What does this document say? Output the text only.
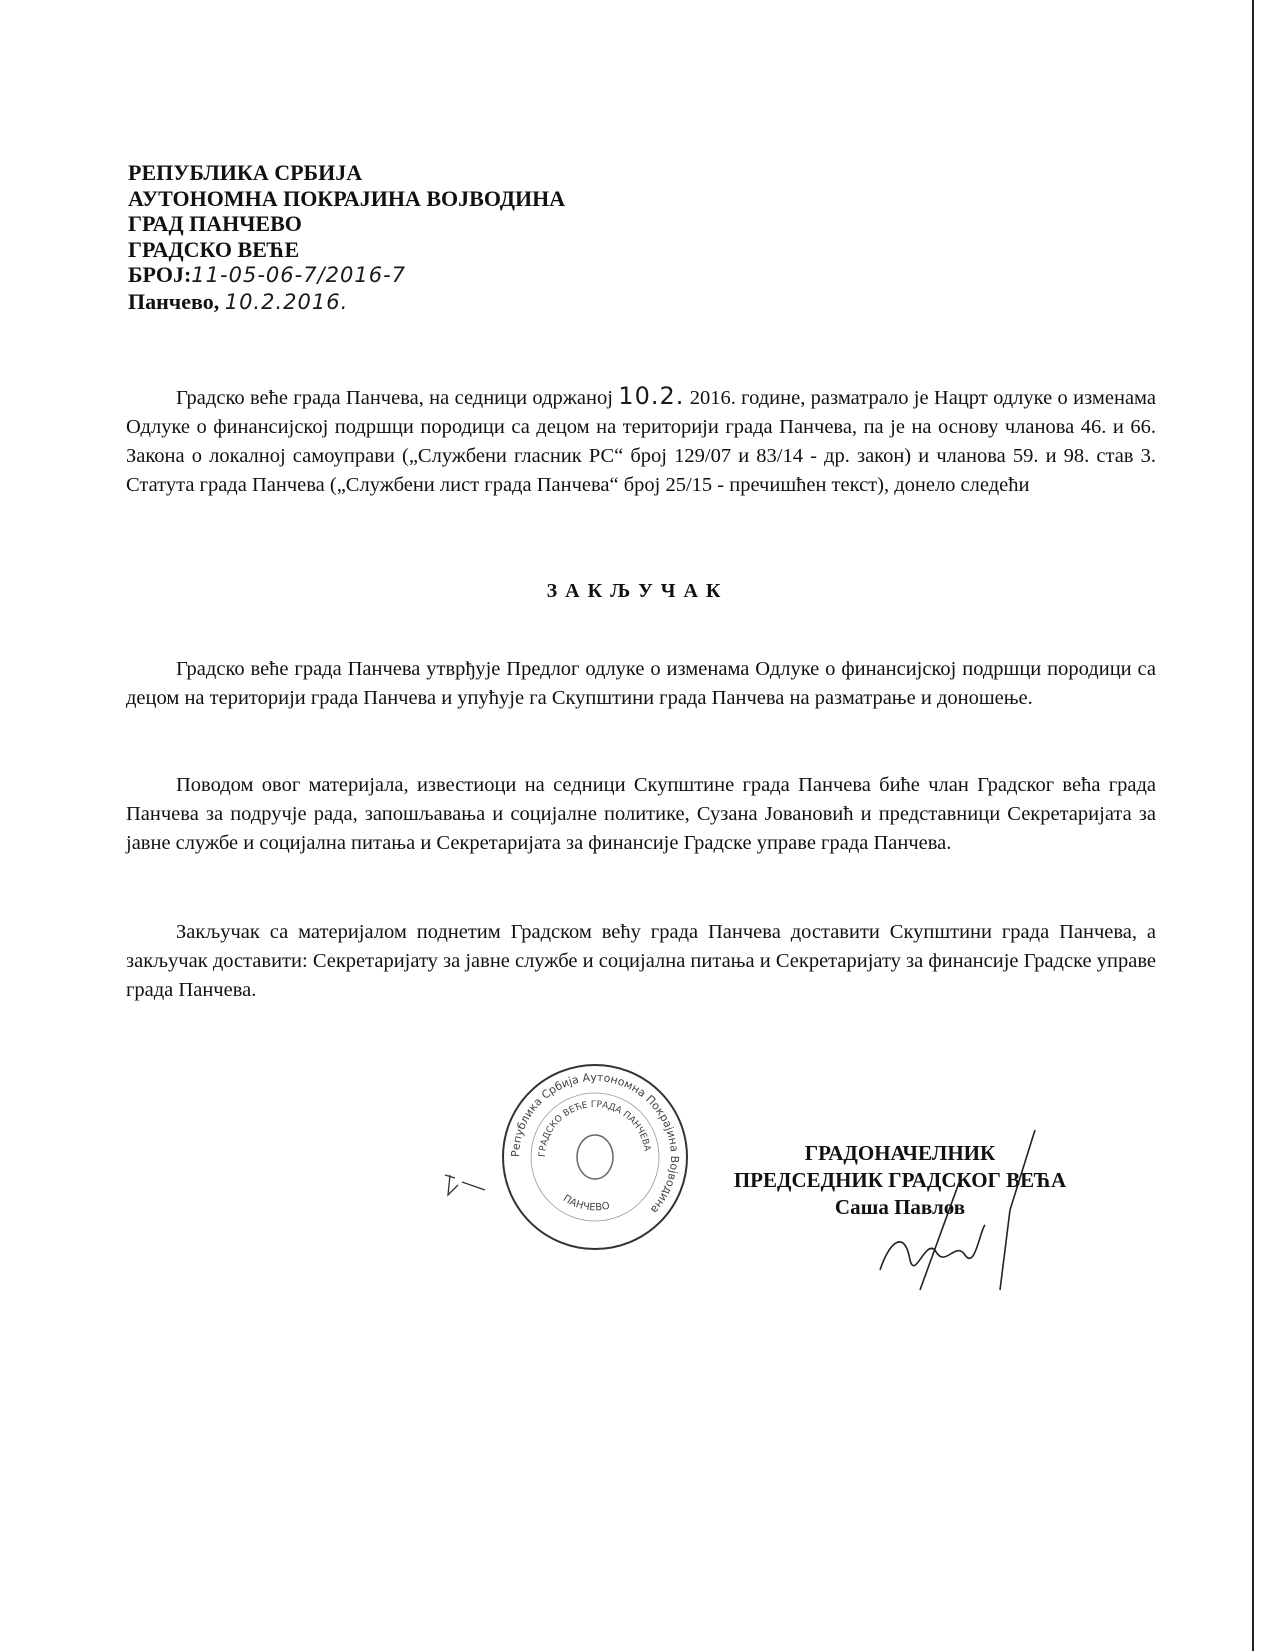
РЕПУБЛИКА СРБИЈА
АУТОНОМНА ПОКРАЈИНА ВОЈВОДИНА
ГРАД ПАНЧЕВО
ГРАДСКО ВЕЋЕ
БРОЈ:11-05-06-7/2016-7
Панчево, 10.2.2016.
Градско веће града Панчева, на седници одржаној 10.2. 2016. године, разматрало је Нацрт одлуке о изменама Одлуке о финансијској подршци породици са децом на територији града Панчева, па је на основу чланова 46. и 66. Закона о локалној самоуправи („Службени гласник РС“ број 129/07 и 83/14 - др. закон) и чланова 59. и 98. став 3. Статута града Панчева („Службени лист града Панчева“ број 25/15 - пречишћен текст), донело следећи
ЗАКЉУЧАК
Градско веће града Панчева утврђује Предлог одлуке о изменама Одлуке о финансијској подршци породици са децом на територији града Панчева и упућује га Скупштини града Панчева на разматрање и доношење.
Поводом овог материјала, известиоци на седници Скупштине града Панчева биће члан Градског већа града Панчева за подручје рада, запошљавања и социјалне политике, Сузана Јовановић и представници Секретаријата за јавне службе и социјална питања и Секретаријата за финансије Градске управе града Панчева.
Закључак са материјалом поднетим Градском већу града Панчева доставити Скупштини града Панчева, а закључак доставити: Секретаријату за јавне службе и социјална питања и Секретаријату за финансије Градске управе града Панчева.
Република Србија Аутономна Покрајина Војводина
ГРАДСКО ВЕЋЕ ГРАДА ПАНЧЕВА
ПАНЧЕВО
ГРАДОНАЧЕЛНИК
ПРЕДСЕДНИК ГРАДСКОГ ВЕЋА
Саша Павлов
